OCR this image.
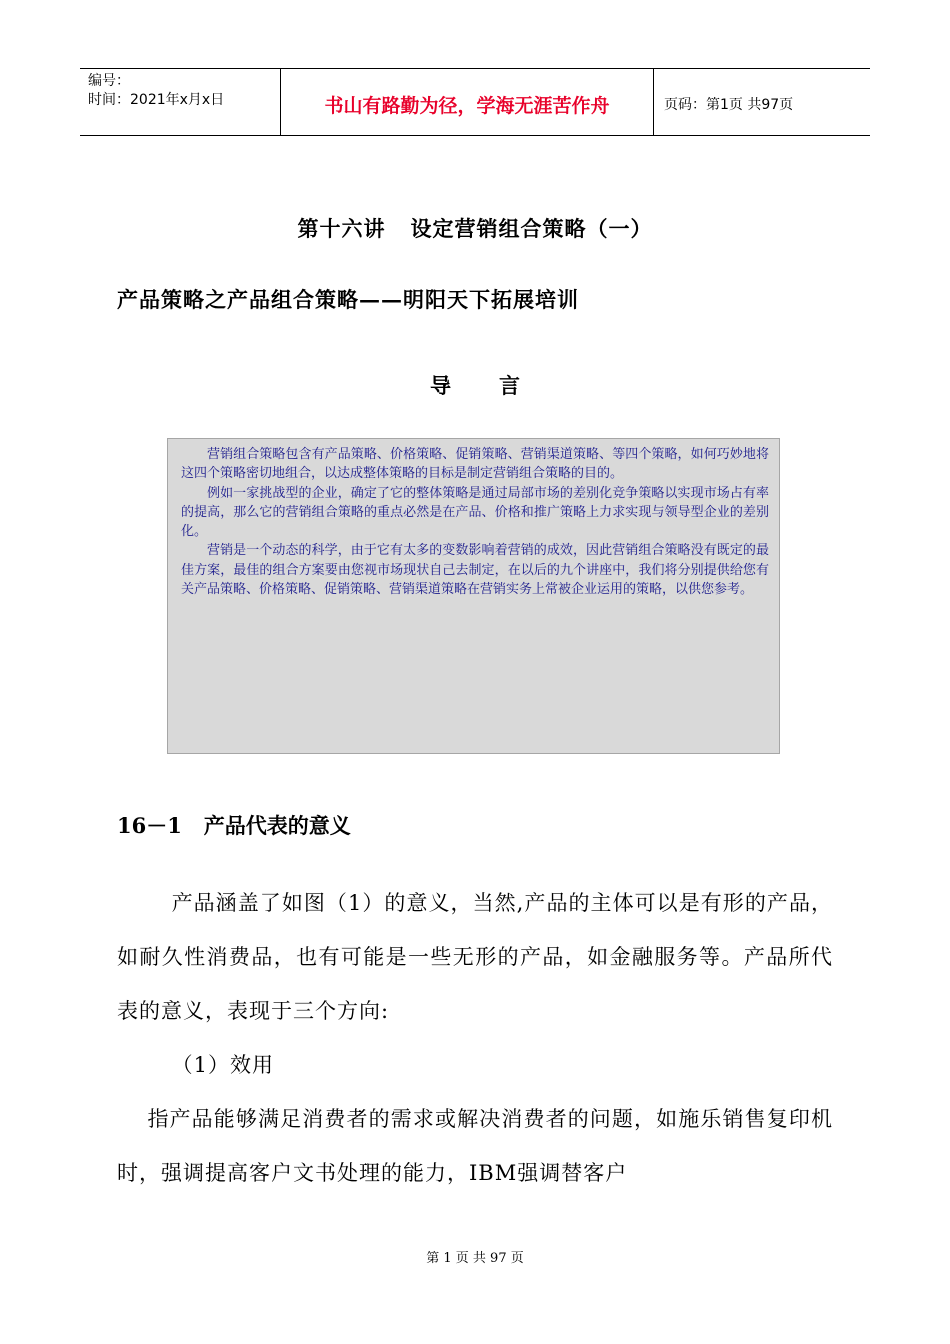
编号：
时间：2021年x月x日	书山有路勤为径，学海无涯苦作舟	页码：第1页 共97页
第十六讲   设定营销组合策略（一）
产品策略之产品组合策略——明阳天下拓展培训
导言

营销组合策略包含有产品策略、价格策略、促销策略、营销渠道策略、等四个策略，如何巧妙地将这四个策略密切地组合，以达成整体策略的目标是制定营销组合策略的目的。

例如一家挑战型的企业，确定了它的整体策略是通过局部市场的差别化竞争策略以实现市场占有率的提高，那么它的营销组合策略的重点必然是在产品、价格和推广策略上力求实现与领导型企业的差别化。

营销是一个动态的科学，由于它有太多的变数影响着营销的成效，因此营销组合策略没有既定的最佳方案，最佳的组合方案要由您视市场现状自己去制定，在以后的九个讲座中，我们将分别提供给您有关产品策略、价格策略、促销策略、营销渠道策略在营销实务上常被企业运用的策略，以供您参考。

16－1   产品代表的意义

产品涵盖了如图（1）的意义，当然,产品的主体可以是有形的产品，如耐久性消费品，也有可能是一些无形的产品，如金融服务等。产品所代表的意义，表现于三个方向:

（1）效用

指产品能够满足消费者的需求或解决消费者的问题，如施乐销售复印机时，强调提高客户文书处理的能力，IBM强调替客户

第 1 页 共 97 页
